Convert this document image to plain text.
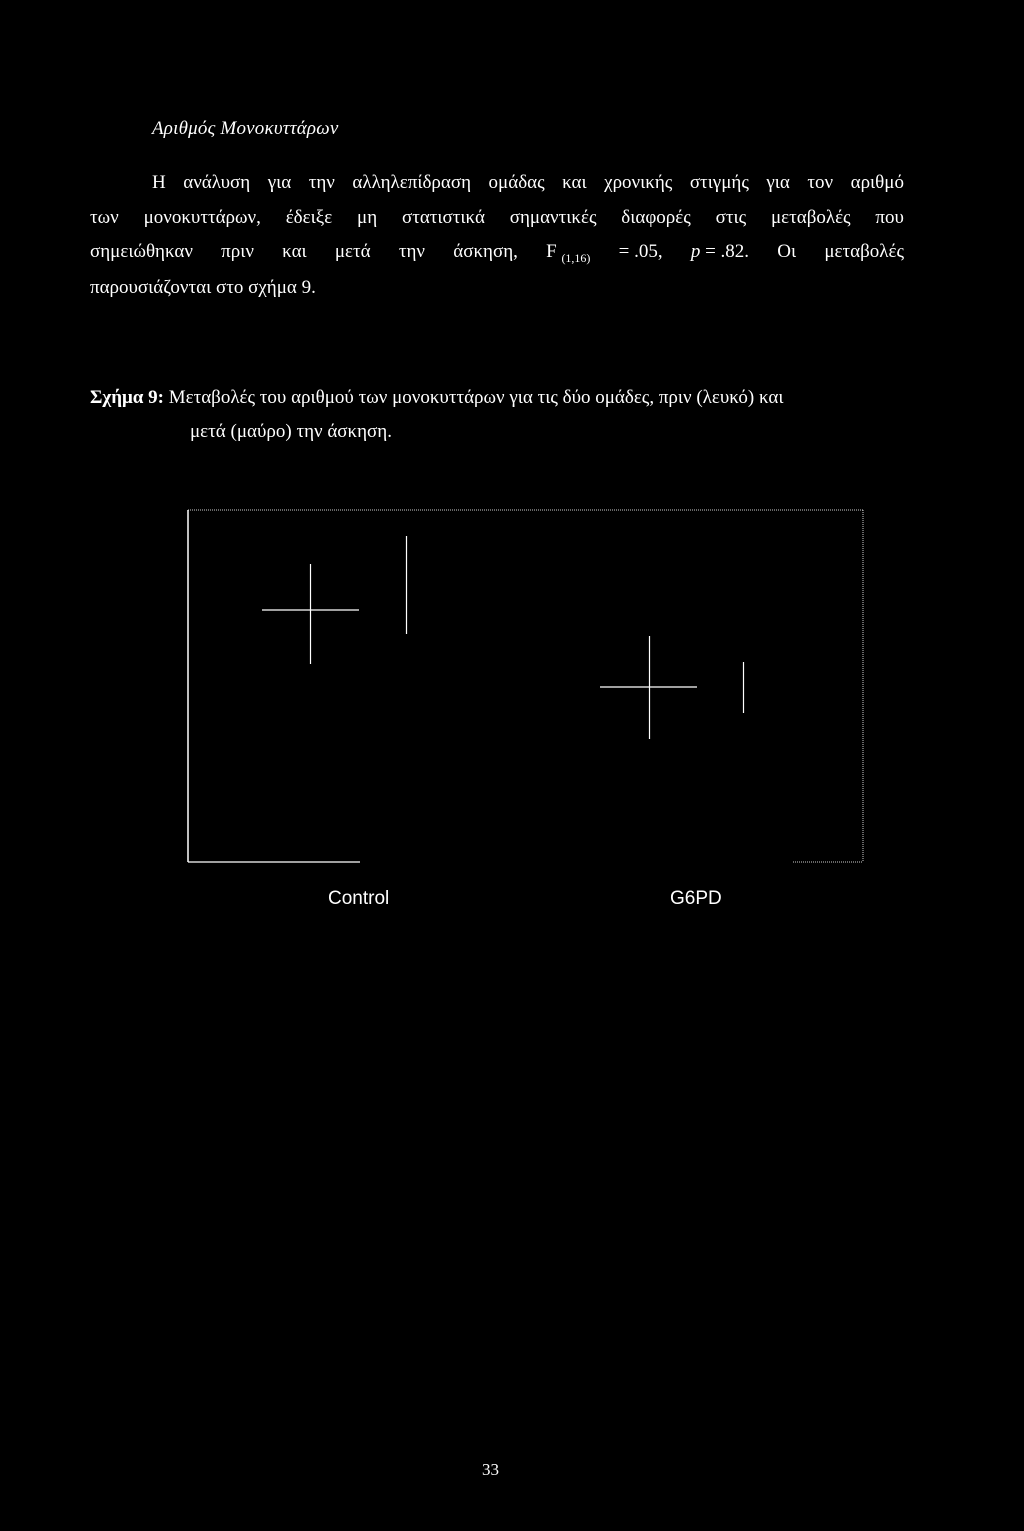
Αριθμός Μονοκυττάρων
Η ανάλυση για την αλληλεπίδραση ομάδας και χρονικής στιγμής για τον αριθμό
των μονοκυττάρων, έδειξε μη στατιστικά σημαντικές διαφορές στις μεταβολές που
σημειώθηκαν πριν και μετά την άσκηση, F $_{(1,16)}$ = .05, p = .82. Οι μεταβολές
παρουσιάζονται στο σχήμα 9.
Σχήμα 9: Μεταβολές του αριθμού των μονοκυττάρων για τις δύο ομάδες, πριν (λευκό) και
μετά (μαύρο) την άσκηση.
Control	G6PD
33
